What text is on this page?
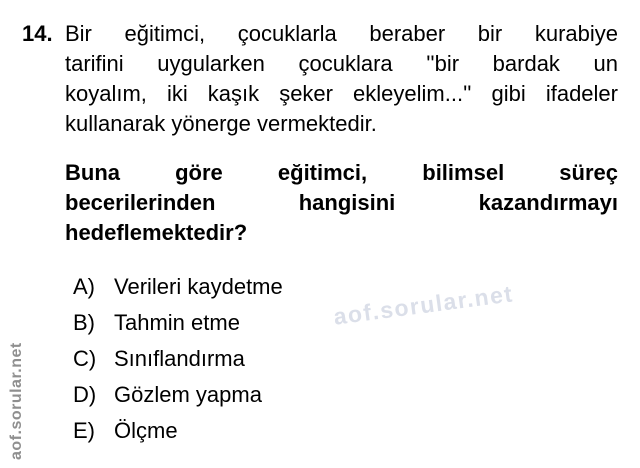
aof.sorular.net
14. Bir eğitimci, çocuklarla beraber bir kurabiye
tarifini uygularken çocuklara ''bir bardak un
koyalım, iki kaşık şeker ekleyelim...'' gibi ifadeler
kullanarak yönerge vermektedir.
Buna göre eğitimci, bilimsel süreç
becerilerinden hangisini kazandırmayı
hedeflemektedir?
A) Verileri kaydetme
B) Tahmin etme
C) Sınıflandırma
D) Gözlem yapma
E) Ölçme
aof.sorular.net
